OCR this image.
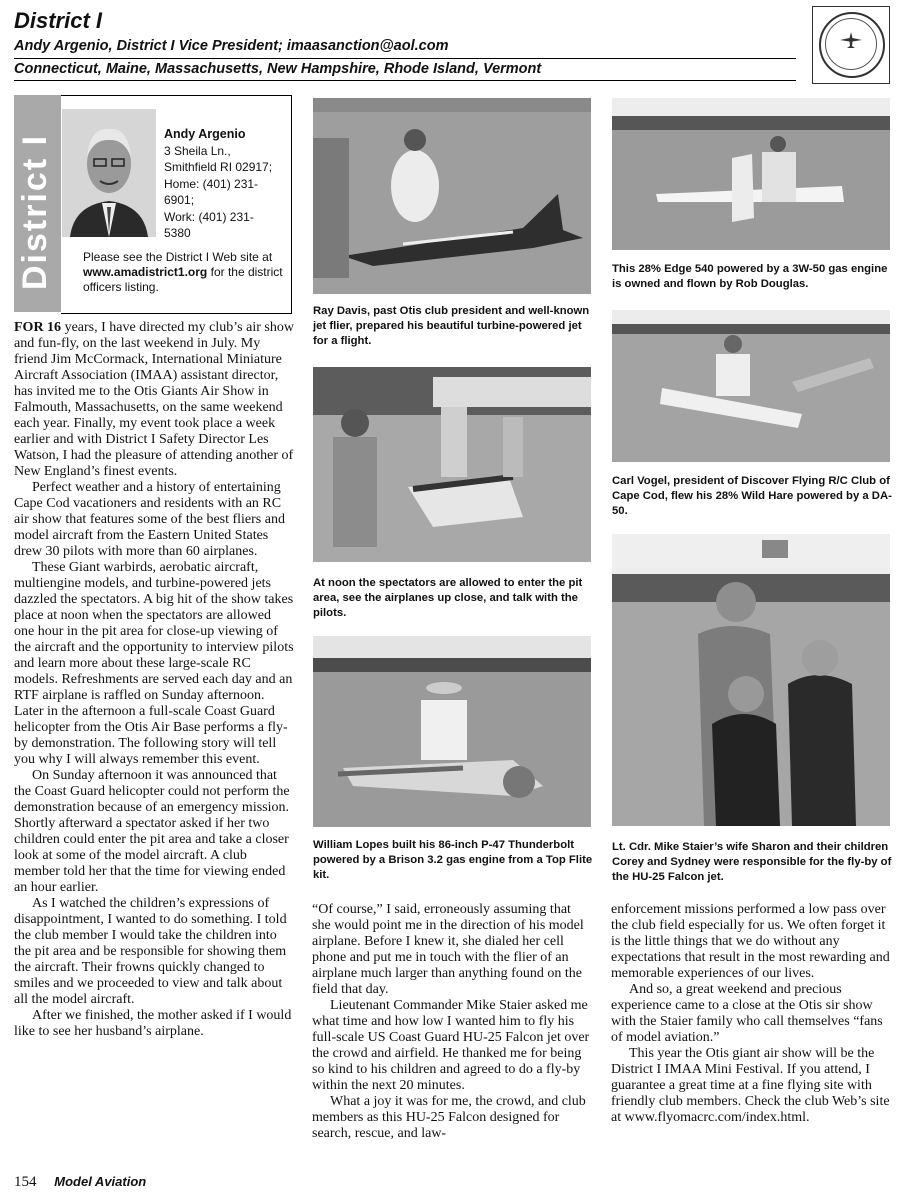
District I
Andy Argenio, District I Vice President; imaasanction@aol.com
Connecticut, Maine, Massachusetts, New Hampshire, Rhode Island, Vermont
District I	Andy Argenio
3 Sheila Ln.,
Smithfield RI 02917;
Home: (401) 231-
6901;
Work: (401) 231-
5380
Please see the District I Web site at www.amadistrict1.org for the district officers listing.

FOR 16 years, I have directed my club’s air show and fun-fly, on the last weekend in July. My friend Jim McCormack, International Miniature Aircraft Association (IMAA) assistant director, has invited me to the Otis Giants Air Show in Falmouth, Massachusetts, on the same weekend each year. Finally, my event took place a week earlier and with District I Safety Director Les Watson, I had the pleasure of attending another of New England’s finest events.

Perfect weather and a history of entertaining Cape Cod vacationers and residents with an RC air show that features some of the best fliers and model aircraft from the Eastern United States drew 30 pilots with more than 60 airplanes.

These Giant warbirds, aerobatic aircraft, multiengine models, and turbine-powered jets dazzled the spectators. A big hit of the show takes place at noon when the spectators are allowed one hour in the pit area for close-up viewing of the aircraft and the opportunity to interview pilots and learn more about these large-scale RC models. Refreshments are served each day and an RTF airplane is raffled on Sunday afternoon. Later in the afternoon a full-scale Coast Guard helicopter from the Otis Air Base performs a fly-by demonstration. The following story will tell you why I will always remember this event.

On Sunday afternoon it was announced that the Coast Guard helicopter could not perform the demonstration because of an emergency mission. Shortly afterward a spectator asked if her two children could enter the pit area and take a closer look at some of the model aircraft. A club member told her that the time for viewing ended an hour earlier.

As I watched the children’s expressions of disappointment, I wanted to do something. I told the club member I would take the children into the pit area and be responsible for showing them the aircraft. Their frowns quickly changed to smiles and we proceeded to view and talk about all the model aircraft.

After we finished, the mother asked if I would like to see her husband’s airplane.

Ray Davis, past Otis club president and well-known jet flier, prepared his beautiful turbine-powered jet for a flight.
At noon the spectators are allowed to enter the pit area, see the airplanes up close, and talk with the pilots.
William Lopes built his 86-inch P-47 Thunderbolt powered by a Brison 3.2 gas engine from a Top Flite kit.
This 28% Edge 540 powered by a 3W-50 gas engine is owned and flown by Rob Douglas.
Carl Vogel, president of Discover Flying R/C Club of Cape Cod, flew his 28% Wild Hare powered by a DA-50.
Lt. Cdr. Mike Staier’s wife Sharon and their children Corey and Sydney were responsible for the fly-by of the HU-25 Falcon jet.

“Of course,” I said, erroneously assuming that she would point me in the direction of his model airplane. Before I knew it, she dialed her cell phone and put me in touch with the flier of an airplane much larger than anything found on the field that day.

Lieutenant Commander Mike Staier asked me what time and how low I wanted him to fly his full-scale US Coast Guard HU-25 Falcon jet over the crowd and airfield. He thanked me for being so kind to his children and agreed to do a fly-by within the next 20 minutes.

What a joy it was for me, the crowd, and club members as this HU-25 Falcon designed for search, rescue, and law-

enforcement missions performed a low pass over the club field especially for us. We often forget it is the little things that we do without any expectations that result in the most rewarding and memorable experiences of our lives.

And so, a great weekend and precious experience came to a close at the Otis sir show with the Staier family who call themselves “fans of model aviation.”

This year the Otis giant air show will be the District I IMAA Mini Festival. If you attend, I guarantee a great time at a fine flying site with friendly club members. Check the club Web’s site at www.flyomacrc.com/index.html.

154 Model Aviation
